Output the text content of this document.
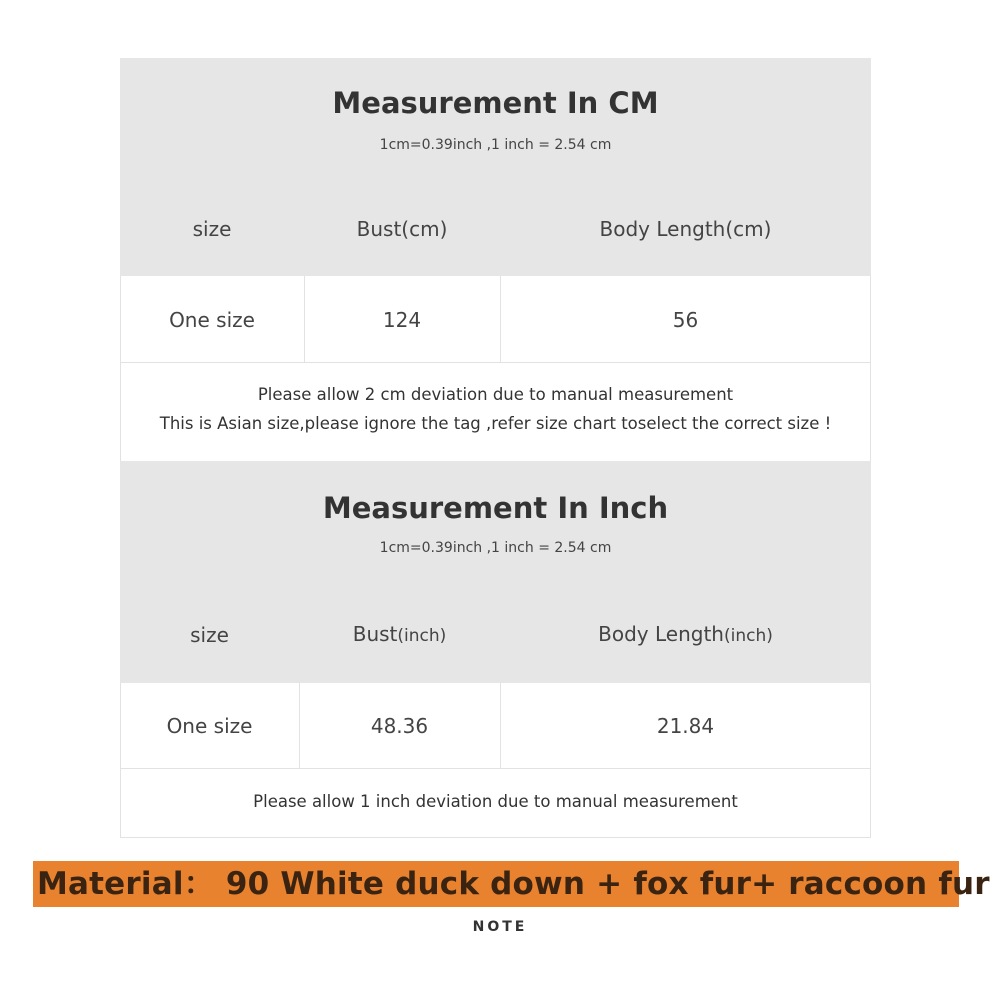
Measurement In CM
1cm=0.39inch ,1 inch = 2.54 cm
size	Bust(cm)	Body Length(cm)
One size	124	56
Please allow 2 cm deviation due to manual measurement
This is Asian size,please ignore the tag ,refer size chart toselect the correct size !
Measurement In Inch
1cm=0.39inch ,1 inch = 2.54 cm
size	Bust(inch)	Body Length(inch)
One size	48.36	21.84
Please allow 1 inch deviation due to manual measurement
Material： 90 White duck down + fox fur+ raccoon fur
NOTE
